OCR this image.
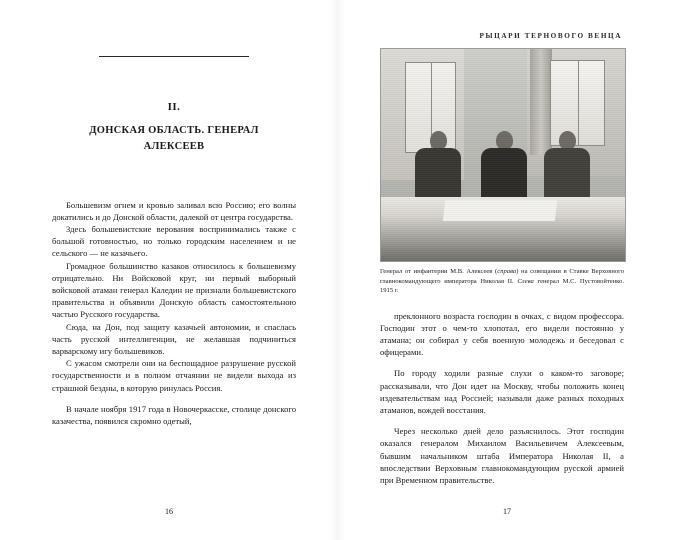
II.
ДОНСКАЯ ОБЛАСТЬ. ГЕНЕРАЛ АЛЕКСЕЕВ

Большевизм огнем и кровью заливал всю Россию; его волны докатились и до Донской области, далекой от центра государства.

Здесь большевистские верования воспринимались также с большой готовностью, но только городским населением и не сельского — не казачьего.

Громадное большинство казаков относилось к большевизму отрицательно. Ни Войсковой круг, ни первый выборный войсковой атаман генерал Каледин не признали большевистского правительства и объявили Донскую область самостоятельною частью Русского государства.

Сюда, на Дон, под защиту казачьей автономии, и спаслась часть русской интеллигенции, не желавшая подчиниться варварскому игу большевиков.

С ужасом смотрели они на беспощадное разрушение русской государственности и в полном отчаянии не видели выхода из страшной бездны, в которую ринулась Россия.

В начале ноября 1917 года в Новочеркасске, столице донского казачества, появился скромно одетый,

16
РЫЦАРИ ТЕРНОВОГО ВЕНЦА
Генерал от инфантерии М.В. Алексеев (справа) на совещании в Ставке Верховного главнокомандующего императора Николая II. Слева генерал М.С. Пустовойтенко. 1915 г.

преклонного возраста господин в очках, с видом профессора. Господин этот о чем-то хлопотал, его видели постоянно у атамана; он собирал у себя военную молодежь и беседовал с офицерами.

По городу ходили разные слухи о каком-то заговоре; рассказывали, что Дон идет на Москву, чтобы положить конец издевательствам над Россией; называли даже разных походных атаманов, вождей восстания.

Через несколько дней дело разъяснилось. Этот господин оказался генералом Михаилом Васильевичем Алексеевым, бывшим начальником штаба Императора Николая II, а впоследствии Верховным главнокомандующим русской армией при Временном правительстве.

17
